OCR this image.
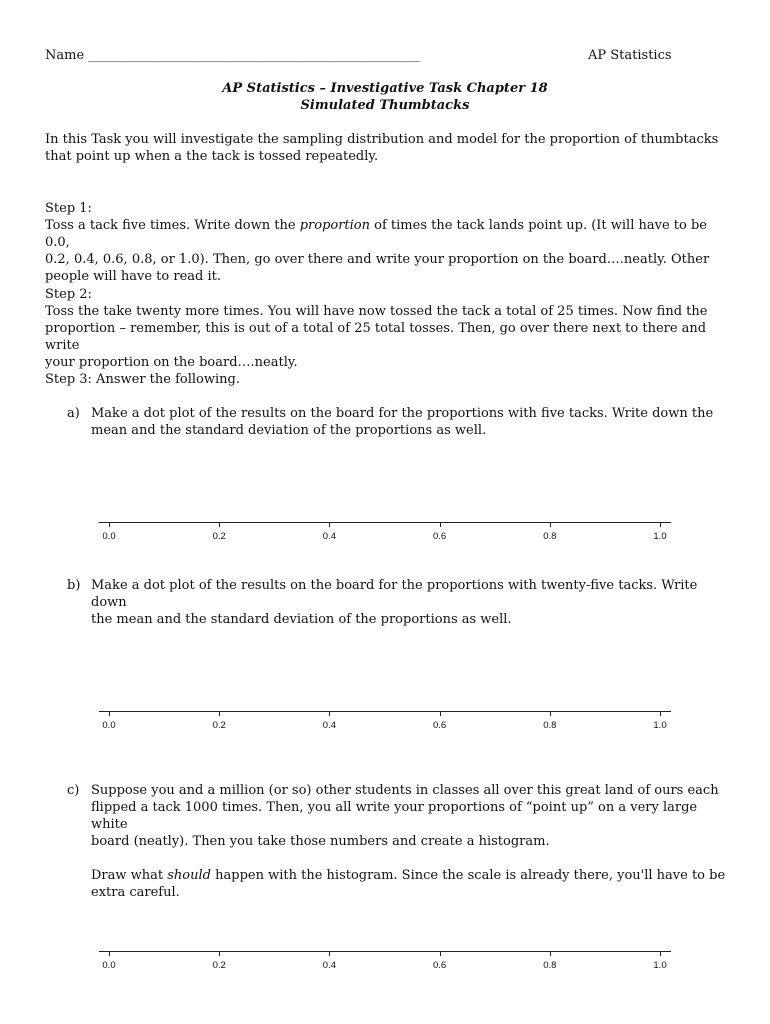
Name ___________________________________________________	AP Statistics
AP Statistics – Investigative Task Chapter 18
Simulated Thumbtacks
In this Task you will investigate the sampling distribution and model for the proportion of thumbtacks
that point up when a the tack is tossed repeatedly.
Step 1:
Toss a tack five times. Write down the proportion of times the tack lands point up. (It will have to be 0.0,
0.2, 0.4, 0.6, 0.8, or 1.0). Then, go over there and write your proportion on the board….neatly. Other
people will have to read it.
Step 2:
Toss the take twenty more times. You will have now tossed the tack a total of 25 times. Now find the
proportion – remember, this is out of a total of 25 total tosses. Then, go over there next to there and write
your proportion on the board….neatly.
Step 3: Answer the following.
a) Make a dot plot of the results on the board for the proportions with five tacks. Write down the
mean and the standard deviation of the proportions as well.
0.0	0.2	0.4	0.6	0.8	1.0
b) Make a dot plot of the results on the board for the proportions with twenty-five tacks. Write down
the mean and the standard deviation of the proportions as well.
0.0	0.2	0.4	0.6	0.8	1.0
c) Suppose you and a million (or so) other students in classes all over this great land of ours each
flipped a tack 1000 times. Then, you all write your proportions of “point up” on a very large white
board (neatly). Then you take those numbers and create a histogram.
Draw what should happen with the histogram. Since the scale is already there, you'll have to be
extra careful.
0.0	0.2	0.4	0.6	0.8	1.0
